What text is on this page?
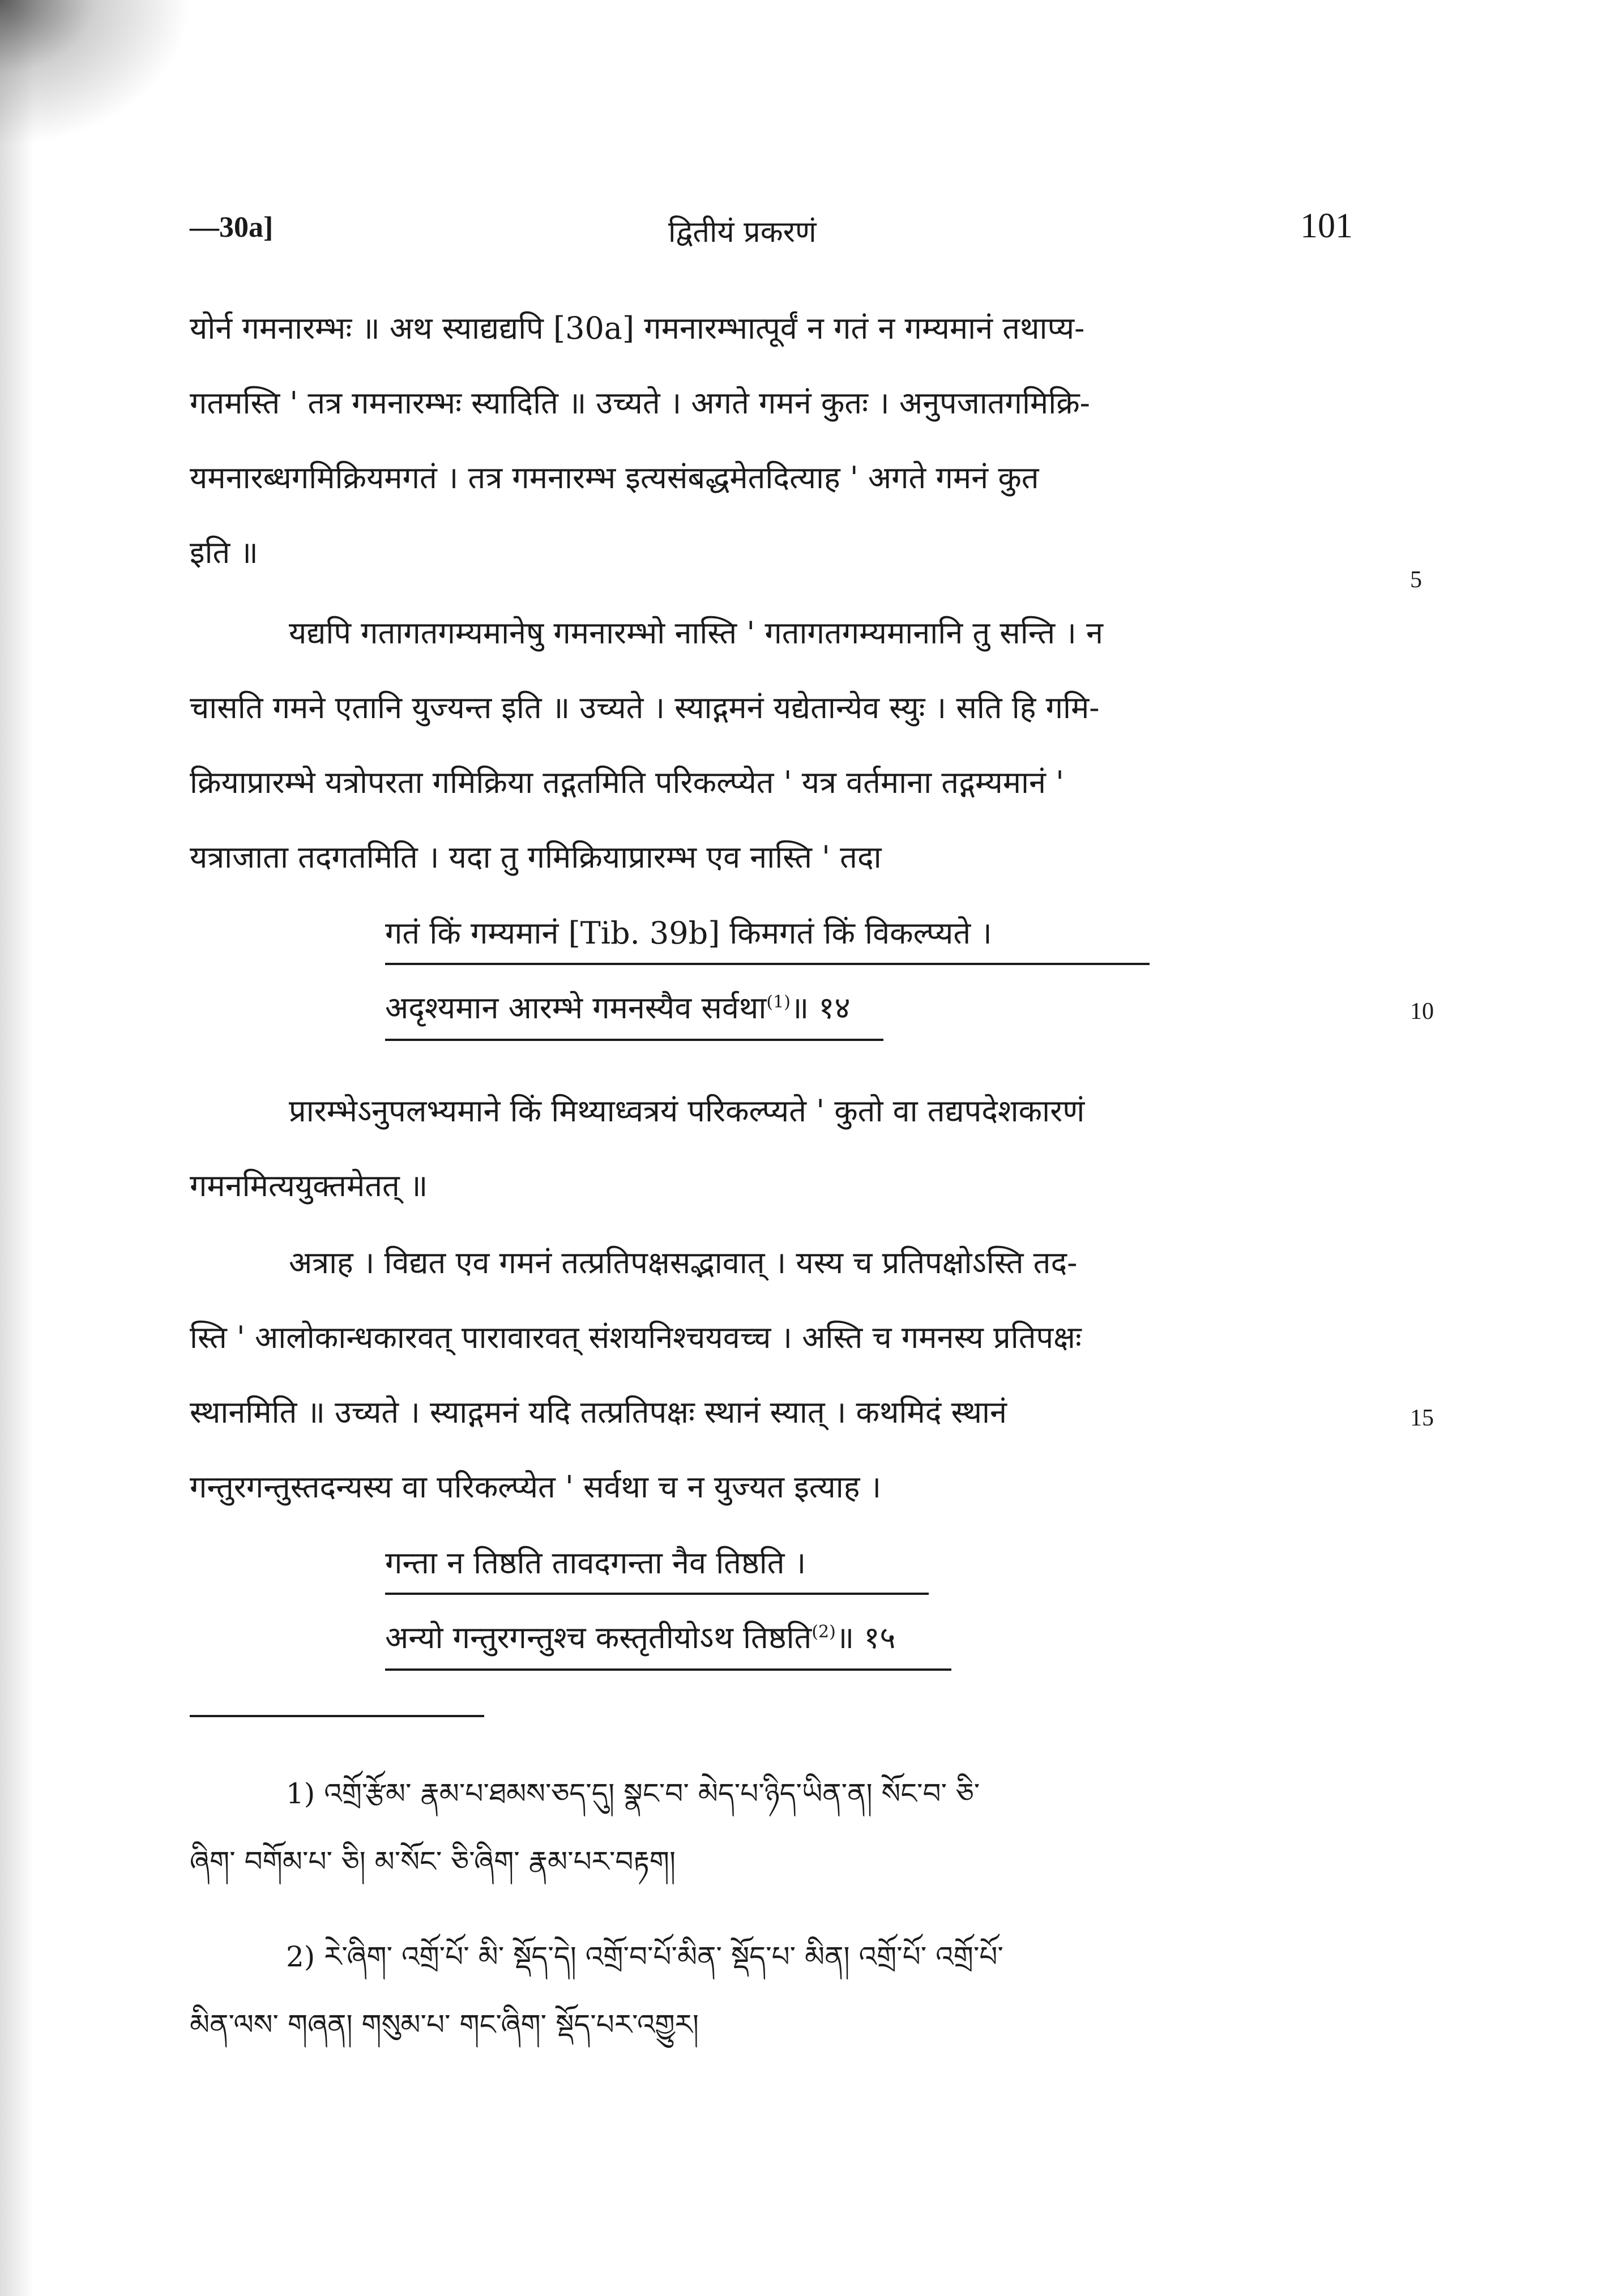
—30a]	द्वितीयं प्रकरणं	101
योर्न गमनारम्भः ॥ अथ स्याद्यद्यपि [30a] गमनारम्भात्पूर्वं न गतं न गम्यमानं तथाप्य-
गतमस्ति ' तत्र गमनारम्भः स्यादिति ॥ उच्यते । अगते गमनं कुतः । अनुपजातगमिक्रि-
यमनारब्धगमिक्रियमगतं । तत्र गमनारम्भ इत्यसंबद्धमेतदित्याह ' अगते गमनं कुत
इति ॥
5
यद्यपि गतागतगम्यमानेषु गमनारम्भो नास्ति ' गतागतगम्यमानानि तु सन्ति । न
चासति गमने एतानि युज्यन्त इति ॥ उच्यते । स्याद्गमनं यद्येतान्येव स्युः । सति हि गमि-
क्रियाप्रारम्भे यत्रोपरता गमिक्रिया तद्गतमिति परिकल्प्येत ' यत्र वर्तमाना तद्गम्यमानं '
यत्राजाता तदगतमिति । यदा तु गमिक्रियाप्रारम्भ एव नास्ति ' तदा
गतं किं गम्यमानं [Tib. 39b] किमगतं किं विकल्प्यते ।
अदृश्यमान आरम्भे गमनस्यैव सर्वथा$^{(1)}$॥ १४	10
प्रारम्भेऽनुपलभ्यमाने किं मिथ्याध्वत्रयं परिकल्प्यते ' कुतो वा तद्यपदेशकारणं
गमनमित्ययुक्तमेतत् ॥
अत्राह । विद्यत एव गमनं तत्प्रतिपक्षसद्भावात् । यस्य च प्रतिपक्षोऽस्ति तद-
स्ति ' आलोकान्धकारवत् पारावारवत् संशयनिश्चयवच्च । अस्ति च गमनस्य प्रतिपक्षः
स्थानमिति ॥ उच्यते । स्याद्गमनं यदि तत्प्रतिपक्षः स्थानं स्यात् । कथमिदं स्थानं	15
गन्तुरगन्तुस्तदन्यस्य वा परिकल्प्येत ' सर्वथा च न युज्यत इत्याह ।
गन्ता न तिष्ठति तावदगन्ता नैव तिष्ठति ।
अन्यो गन्तुरगन्तुश्च कस्तृतीयोऽथ तिष्ठति$^{(2)}$॥ १५
1) འགྲོ་རྩོམ་ རྣམ་པ་ཐམས་ཅད་དུ། སྣང་བ་ མེད་པ་ཉིད་ཡིན་ན། སོང་བ་ ཅི་
ཞིག་ བགོམ་པ་ ཅི། མ་སོང་ ཅི་ཞིག་ རྣམ་པར་བརྟག།
2) རེ་ཞིག་ འགྲོ་པོ་ མི་ སྡོད་དེ། འགྲོ་བ་པོ་མིན་ སྡོད་པ་ མིན། འགྲོ་པོ་ འགྲོ་པོ་
མིན་ལས་ གཞན། གསུམ་པ་ གང་ཞིག་ སྡོད་པར་འགྱུར།
